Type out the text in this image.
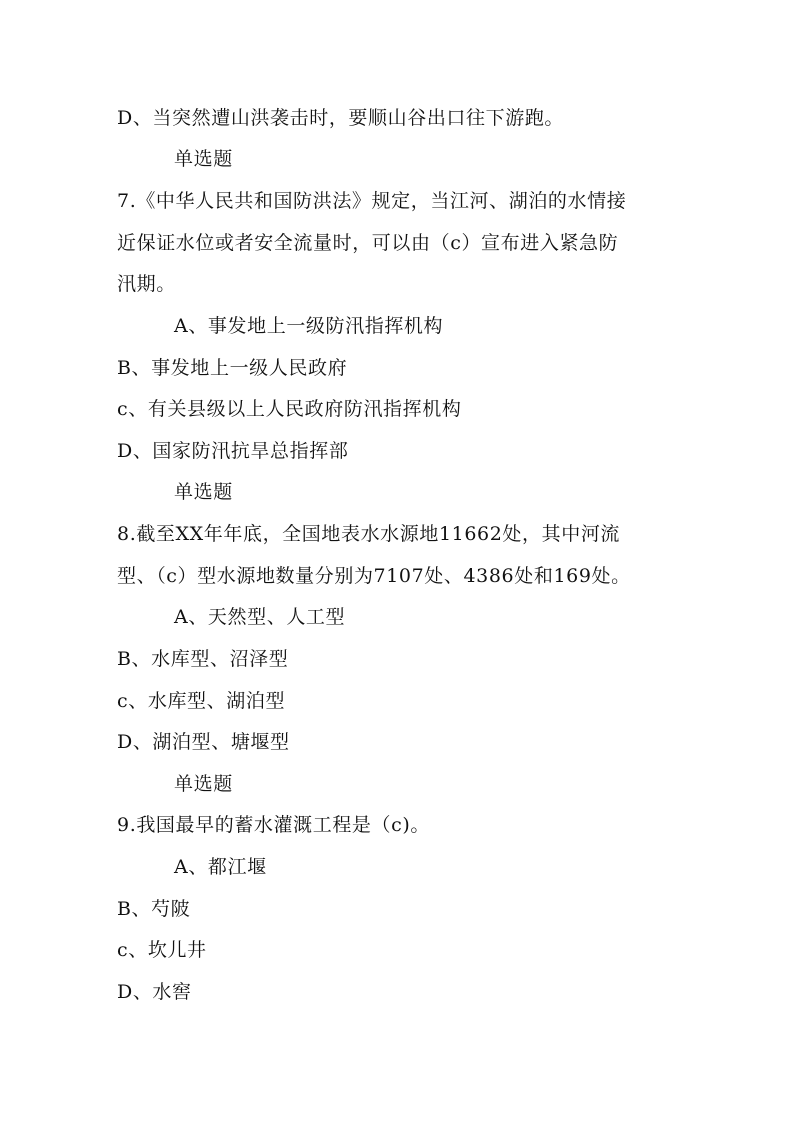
D、当突然遭山洪袭击时，要顺山谷出口往下游跑。
单选题
7.《中华人民共和国防洪法》规定，当江河、湖泊的水情接
近保证水位或者安全流量时，可以由（c）宣布进入紧急防
汛期。
A、事发地上一级防汛指挥机构
B、事发地上一级人民政府
c、有关县级以上人民政府防汛指挥机构
D、国家防汛抗旱总指挥部
单选题
8.截至XX年年底，全国地表水水源地11662处，其中河流
型、（c）型水源地数量分别为7107处、4386处和169处。
A、天然型、人工型
B、水库型、沼泽型
c、水库型、湖泊型
D、湖泊型、塘堰型
单选题
9.我国最早的蓄水灌溉工程是（c)。
A、都江堰
B、芍陂
c、坎儿井
D、水窖
